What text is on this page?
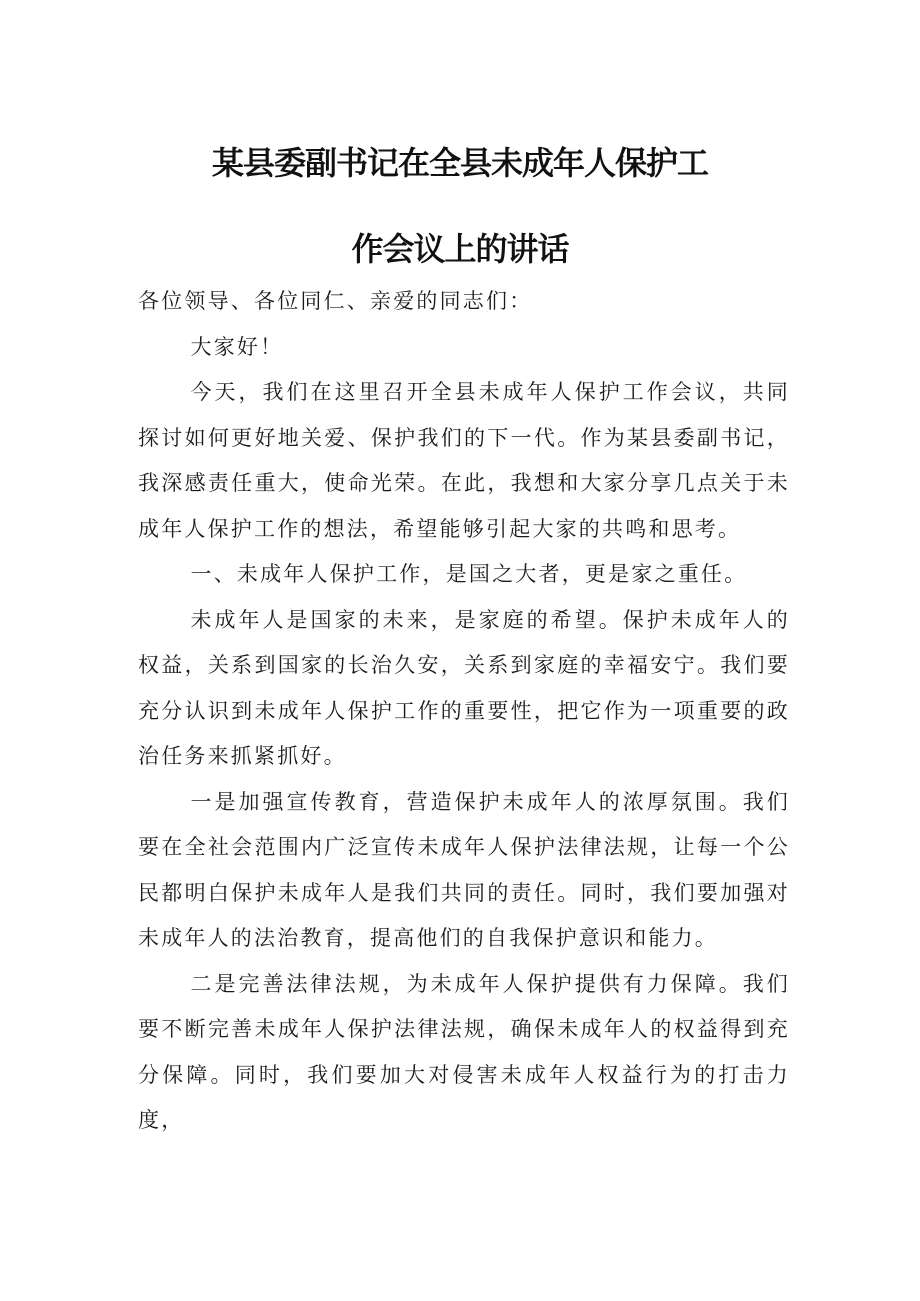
某县委副书记在全县未成年人保护工
作会议上的讲话

各位领导、各位同仁、亲爱的同志们：

大家好！

今天，我们在这里召开全县未成年人保护工作会议，共同探讨如何更好地关爱、保护我们的下一代。作为某县委副书记，我深感责任重大，使命光荣。在此，我想和大家分享几点关于未成年人保护工作的想法，希望能够引起大家的共鸣和思考。

一、未成年人保护工作，是国之大者，更是家之重任。

未成年人是国家的未来，是家庭的希望。保护未成年人的权益，关系到国家的长治久安，关系到家庭的幸福安宁。我们要充分认识到未成年人保护工作的重要性，把它作为一项重要的政治任务来抓紧抓好。

一是加强宣传教育，营造保护未成年人的浓厚氛围。我们要在全社会范围内广泛宣传未成年人保护法律法规，让每一个公民都明白保护未成年人是我们共同的责任。同时，我们要加强对未成年人的法治教育，提高他们的自我保护意识和能力。

二是完善法律法规，为未成年人保护提供有力保障。我们要不断完善未成年人保护法律法规，确保未成年人的权益得到充分保障。同时，我们要加大对侵害未成年人权益行为的打击力度，
